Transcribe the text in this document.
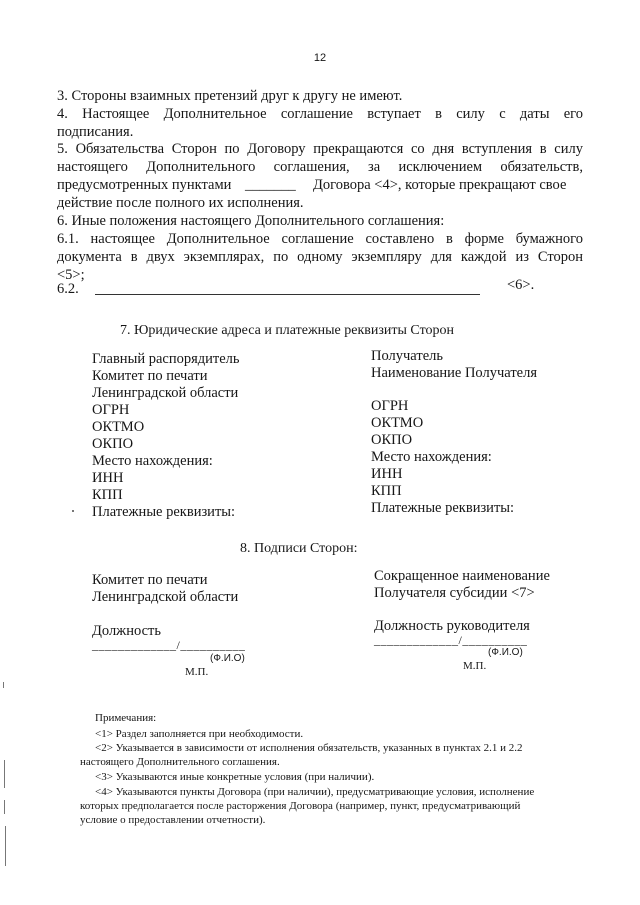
12
3. Стороны взаимных претензий друг к другу не имеют.
4. Настоящее Дополнительное соглашение вступает в силу с даты его
подписания.
5. Обязательства Сторон по Договору прекращаются со дня вступления в силу
настоящего Дополнительного соглашения, за исключением обязательств,
предусмотренных пунктами _______ Договора <4>, которые прекращают свое
действие после полного их исполнения.
6. Иные положения настоящего Дополнительного соглашения:
6.1. настоящее Дополнительное соглашение составлено в форме бумажного
документа в двух экземплярах, по одному экземпляру для каждой из Сторон
<5>;
6.2.	<6>.
7. Юридические адреса и платежные реквизиты Сторон
Главный распорядитель
Комитет по печати
Ленинградской области
ОГРН
ОКТМО
ОКПО
Место нахождения:
ИНН
КПП
Платежные реквизиты:
Получатель
Наименование Получателя
ОГРН
ОКТМО
ОКПО
Место нахождения:
ИНН
КПП
Платежные реквизиты:
8. Подписи Сторон:
Комитет по печати
Ленинградской области
Должность
_____________/__________
(Ф.И.О)
М.П.
Сокращенное наименование
Получателя субсидии <7>
Должность руководителя
_____________/__________
(Ф.И.О)
М.П.
Примечания:
<1> Раздел заполняется при необходимости.
<2> Указывается в зависимости от исполнения обязательств, указанных в пунктах 2.1 и 2.2
настоящего Дополнительного соглашения.
<3> Указываются иные конкретные условия (при наличии).
<4> Указываются пункты Договора (при наличии), предусматривающие условия, исполнение
которых предполагается после расторжения Договора (например, пункт, предусматривающий
условие о предоставлении отчетности).
